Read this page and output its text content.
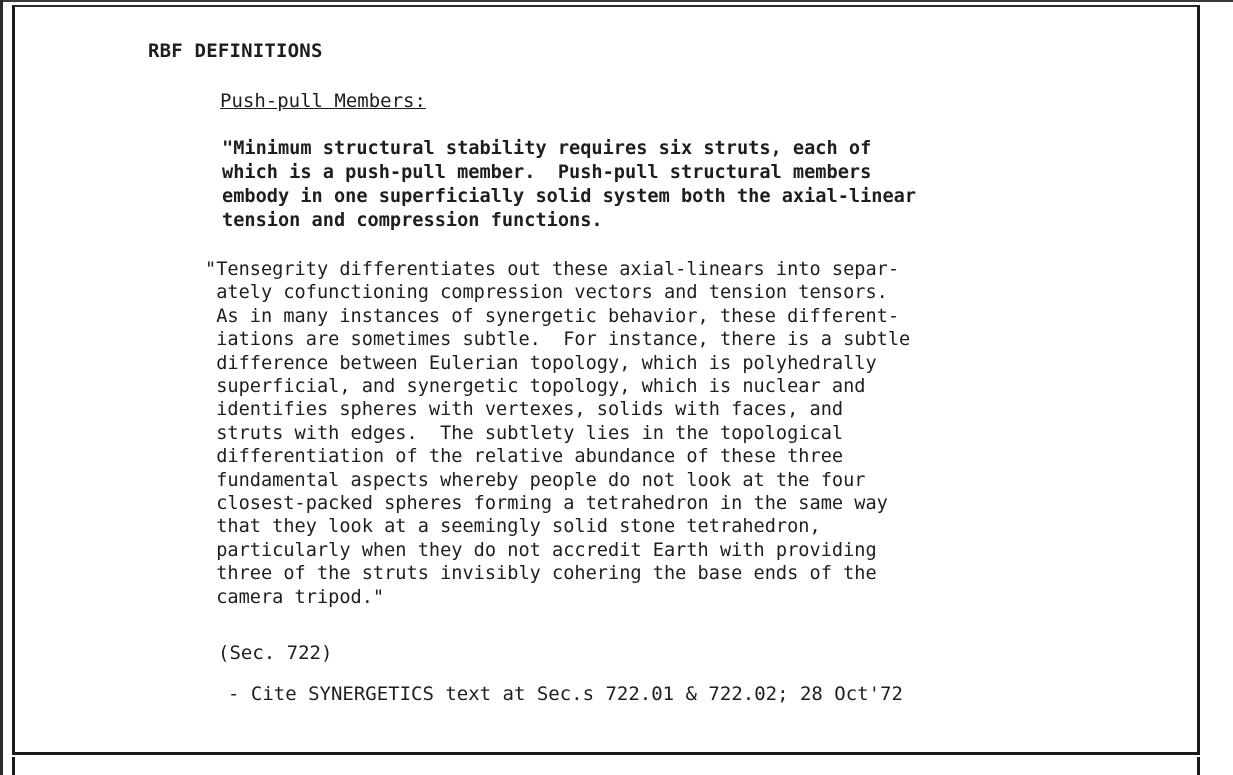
RBF DEFINITIONS
Push-pull Members:
"Minimum structural stability requires six struts, each of
which is a push-pull member.  Push-pull structural members
embody in one superficially solid system both the axial-linear
tension and compression functions.
"Tensegrity differentiates out these axial-linears into separ-
ately cofunctioning compression vectors and tension tensors.
As in many instances of synergetic behavior, these different-
iations are sometimes subtle.  For instance, there is a subtle
difference between Eulerian topology, which is polyhedrally
superficial, and synergetic topology, which is nuclear and
identifies spheres with vertexes, solids with faces, and
struts with edges.  The subtlety lies in the topological
differentiation of the relative abundance of these three
fundamental aspects whereby people do not look at the four
closest-packed spheres forming a tetrahedron in the same way
that they look at a seemingly solid stone tetrahedron,
particularly when they do not accredit Earth with providing
three of the struts invisibly cohering the base ends of the
camera tripod."
(Sec. 722)
- Cite SYNERGETICS text at Sec.s 722.01 & 722.02; 28 Oct'72
